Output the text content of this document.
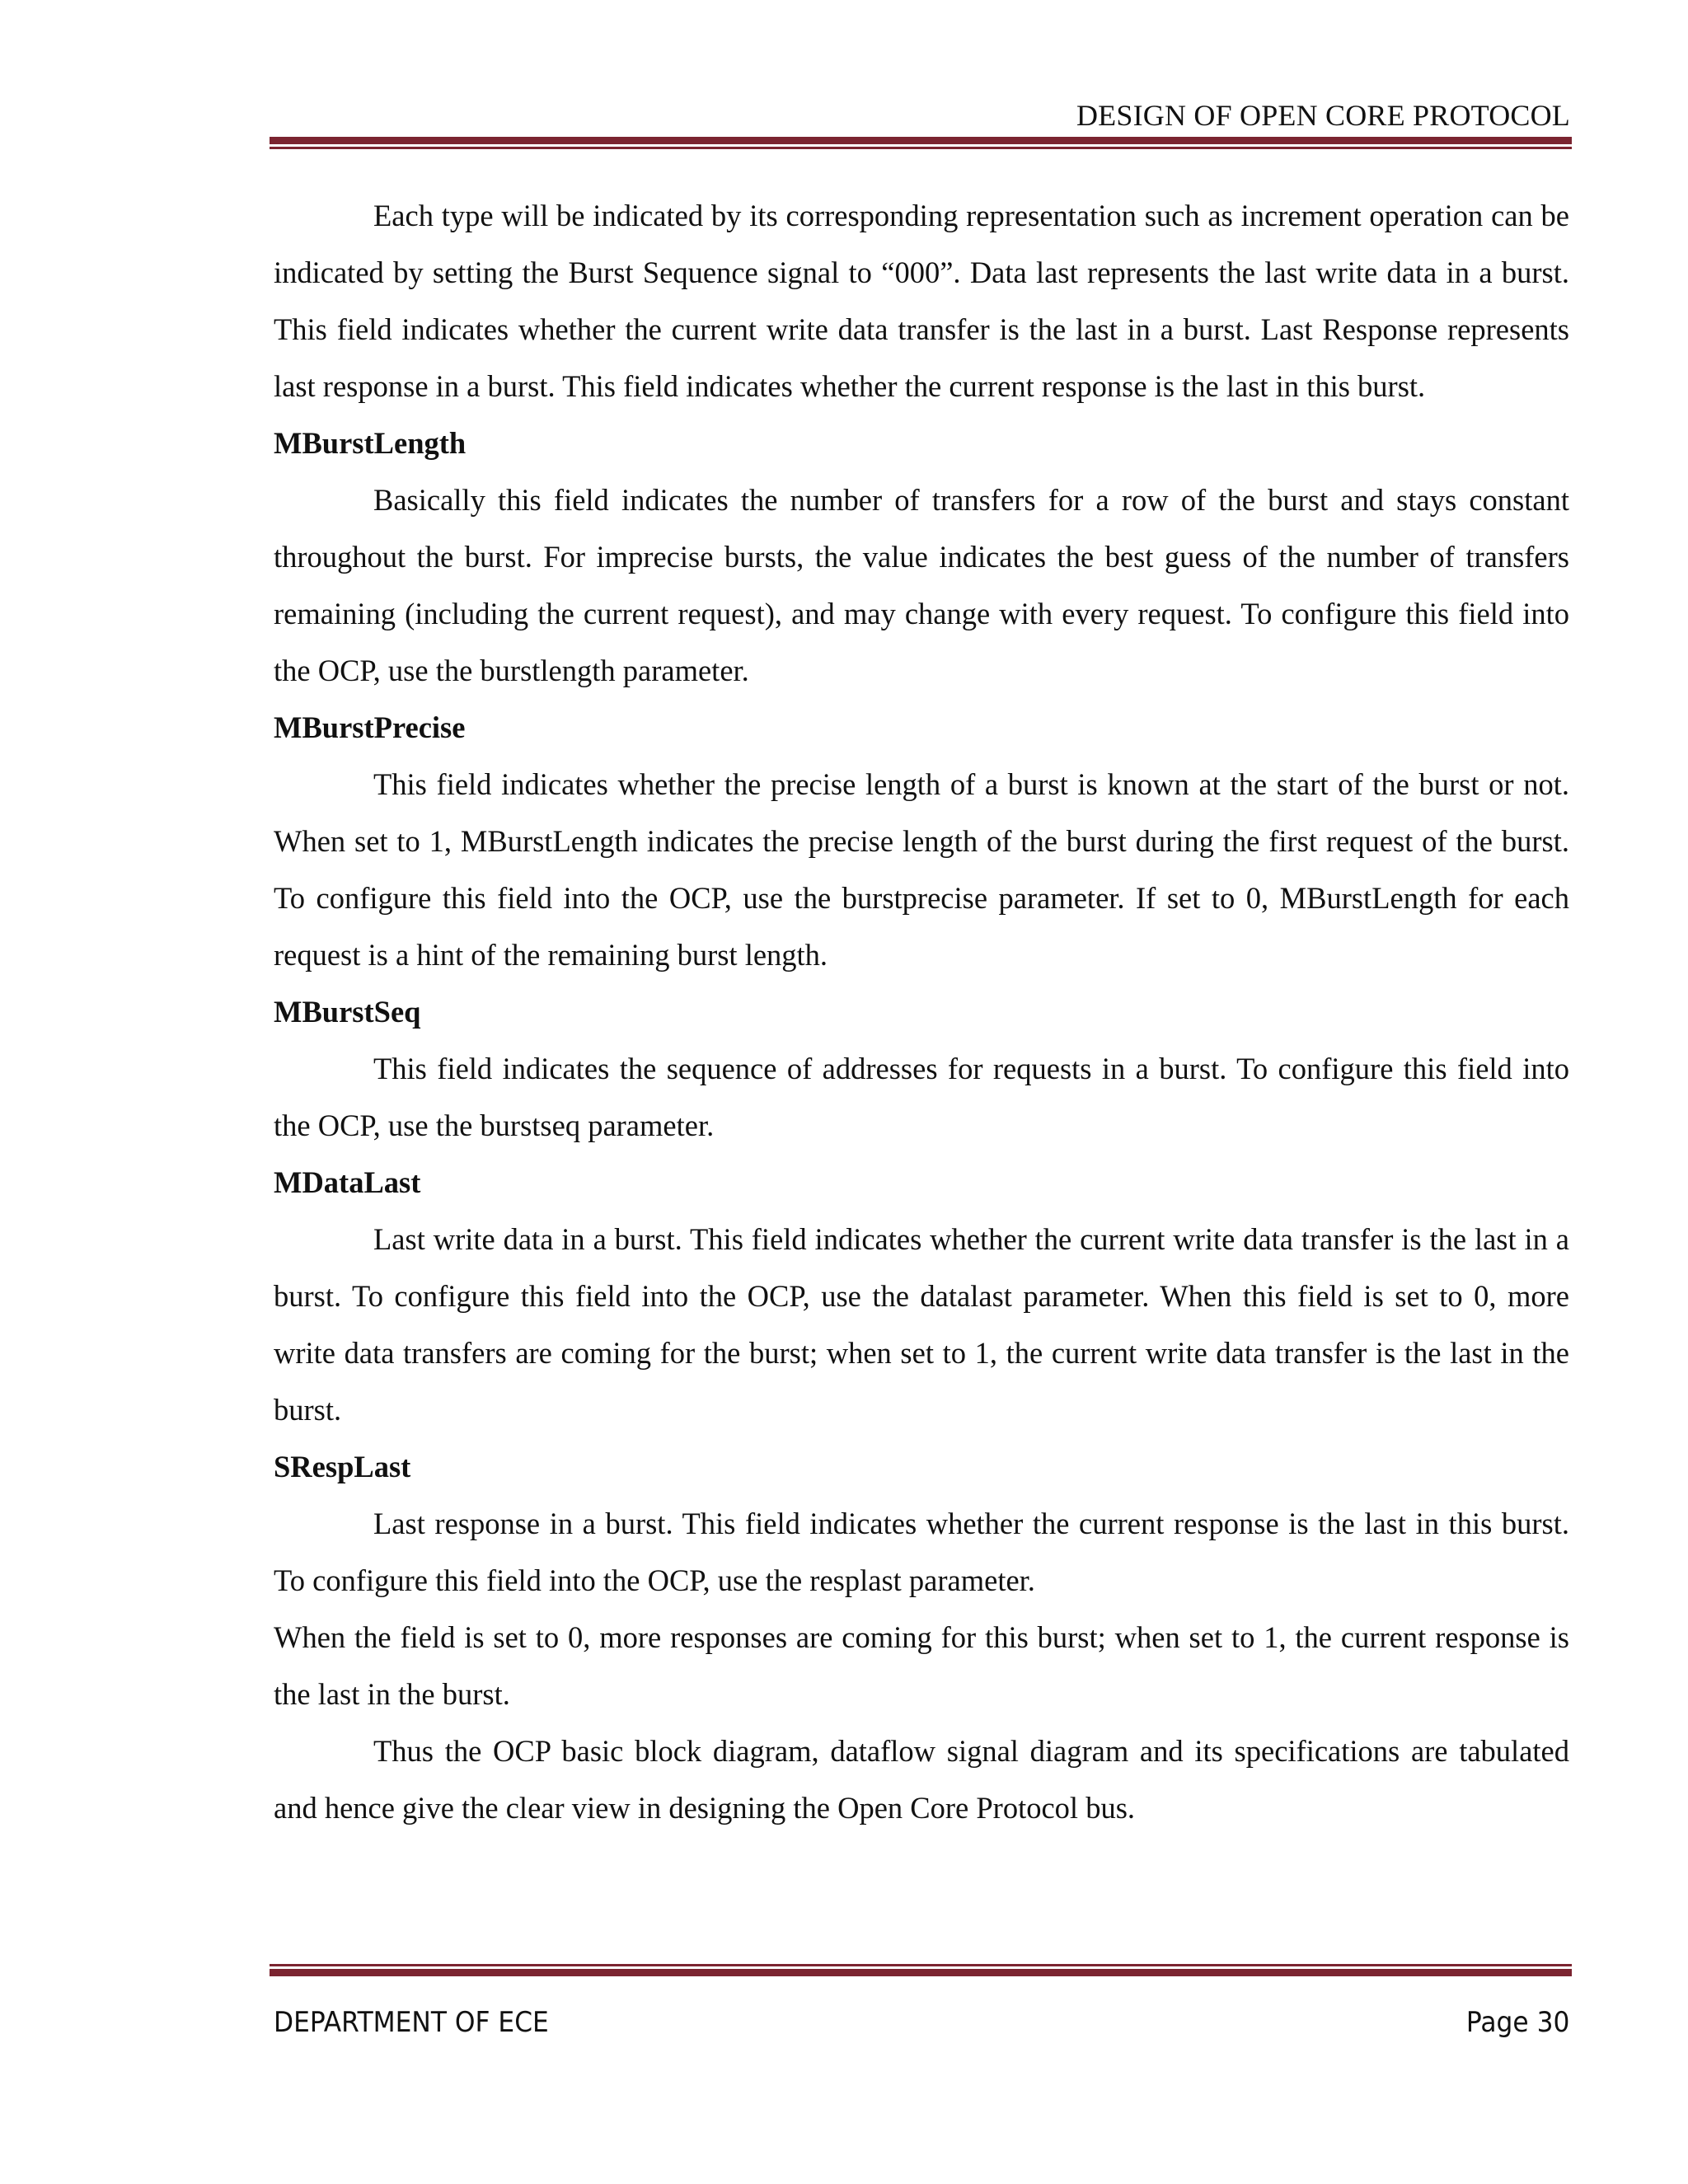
DESIGN OF OPEN CORE PROTOCOL

Each type will be indicated by its corresponding representation such as increment operation can be indicated by setting the Burst Sequence signal to “000”. Data last represents the last write data in a burst. This field indicates whether the current write data transfer is the last in a burst. Last Response represents last response in a burst. This field indicates whether the current response is the last in this burst.

MBurstLength

Basically this field indicates the number of transfers for a row of the burst and stays constant throughout the burst. For imprecise bursts, the value indicates the best guess of the number of transfers remaining (including the current request), and may change with every request. To configure this field into the OCP, use the burstlength parameter.

MBurstPrecise

This field indicates whether the precise length of a burst is known at the start of the burst or not. When set to 1, MBurstLength indicates the precise length of the burst during the first request of the burst. To configure this field into the OCP, use the burstprecise parameter. If set to 0, MBurstLength for each request is a hint of the remaining burst length.

MBurstSeq

This field indicates the sequence of addresses for requests in a burst. To configure this field into the OCP, use the burstseq parameter.

MDataLast

Last write data in a burst. This field indicates whether the current write data transfer is the last in a burst. To configure this field into the OCP, use the datalast parameter. When this field is set to 0, more write data transfers are coming for the burst; when set to 1, the current write data transfer is the last in the burst.

SRespLast

Last response in a burst. This field indicates whether the current response is the last in this burst. To configure this field into the OCP, use the resplast parameter.

When the field is set to 0, more responses are coming for this burst; when set to 1, the current response is the last in the burst.

Thus the OCP basic block diagram, dataflow signal diagram and its specifications are tabulated and hence give the clear view in designing the Open Core Protocol bus.

DEPARTMENT OF ECE	Page 30
